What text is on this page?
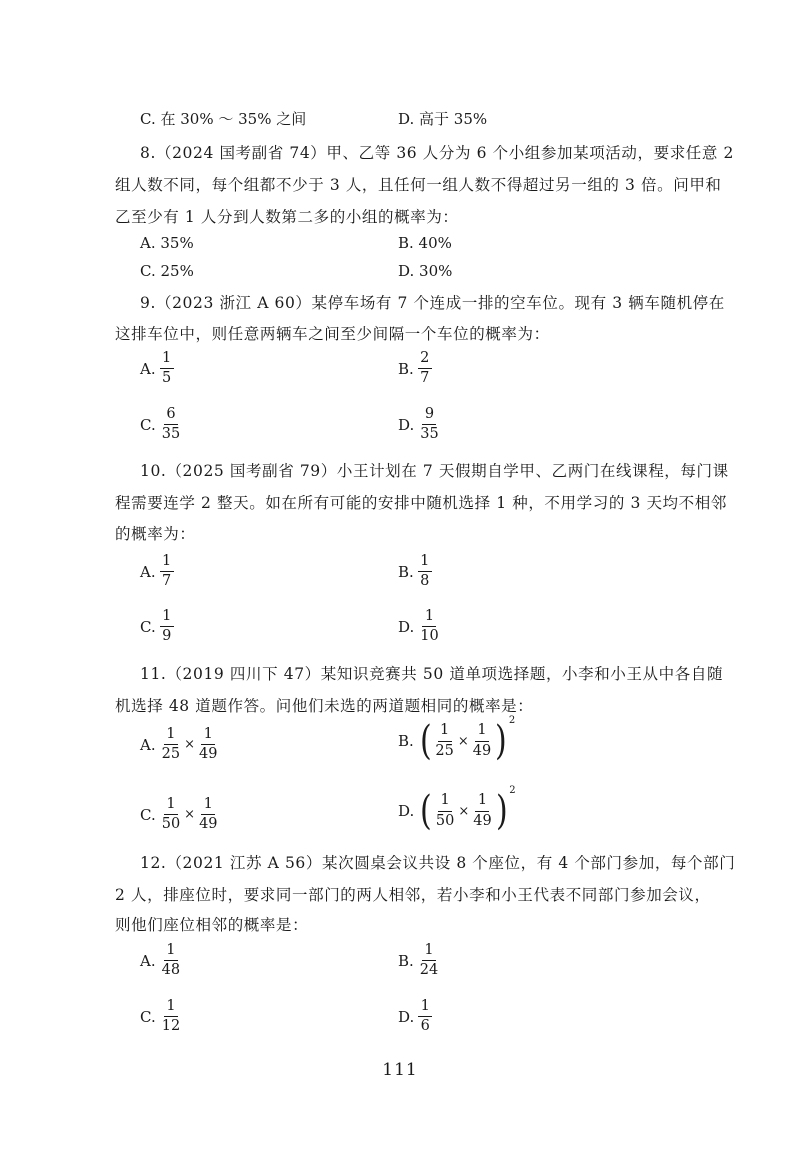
C. 在 30% ～ 35% 之间	D. 高于 35%
8.（2024 国考副省 74）甲、乙等 36 人分为 6 个小组参加某项活动，要求任意 2
组人数不同，每个组都不少于 3 人，且任何一组人数不得超过另一组的 3 倍。问甲和
乙至少有 1 人分到人数第二多的小组的概率为：
A. 35%	B. 40%
C. 25%	D. 30%
9.（2023 浙江 A 60）某停车场有 7 个连成一排的空车位。现有 3 辆车随机停在
这排车位中，则任意两辆车之间至少间隔一个车位的概率为：
A. $\frac{1}{5}$	B. $\frac{2}{7}$
C. $\frac{6}{35}$	D. $\frac{9}{35}$
10.（2025 国考副省 79）小王计划在 7 天假期自学甲、乙两门在线课程，每门课
程需要连学 2 整天。如在所有可能的安排中随机选择 1 种，不用学习的 3 天均不相邻
的概率为：
A. $\frac{1}{7}$	B. $\frac{1}{8}$
C. $\frac{1}{9}$	D. $\frac{1}{10}$
11.（2019 四川下 47）某知识竞赛共 50 道单项选择题，小李和小王从中各自随
机选择 48 道题作答。问他们未选的两道题相同的概率是：
A. $\frac{1}{25} \times \frac{1}{49}$	B. ( $\frac{1}{25} \times \frac{1}{49}$ ) 2
C. $\frac{1}{50} \times \frac{1}{49}$	D. ( $\frac{1}{50} \times \frac{1}{49}$ ) 2
12.（2021 江苏 A 56）某次圆桌会议共设 8 个座位，有 4 个部门参加，每个部门
2 人，排座位时，要求同一部门的两人相邻，若小李和小王代表不同部门参加会议，
则他们座位相邻的概率是：
A. $\frac{1}{48}$	B. $\frac{1}{24}$
C. $\frac{1}{12}$	D. $\frac{1}{6}$
111
